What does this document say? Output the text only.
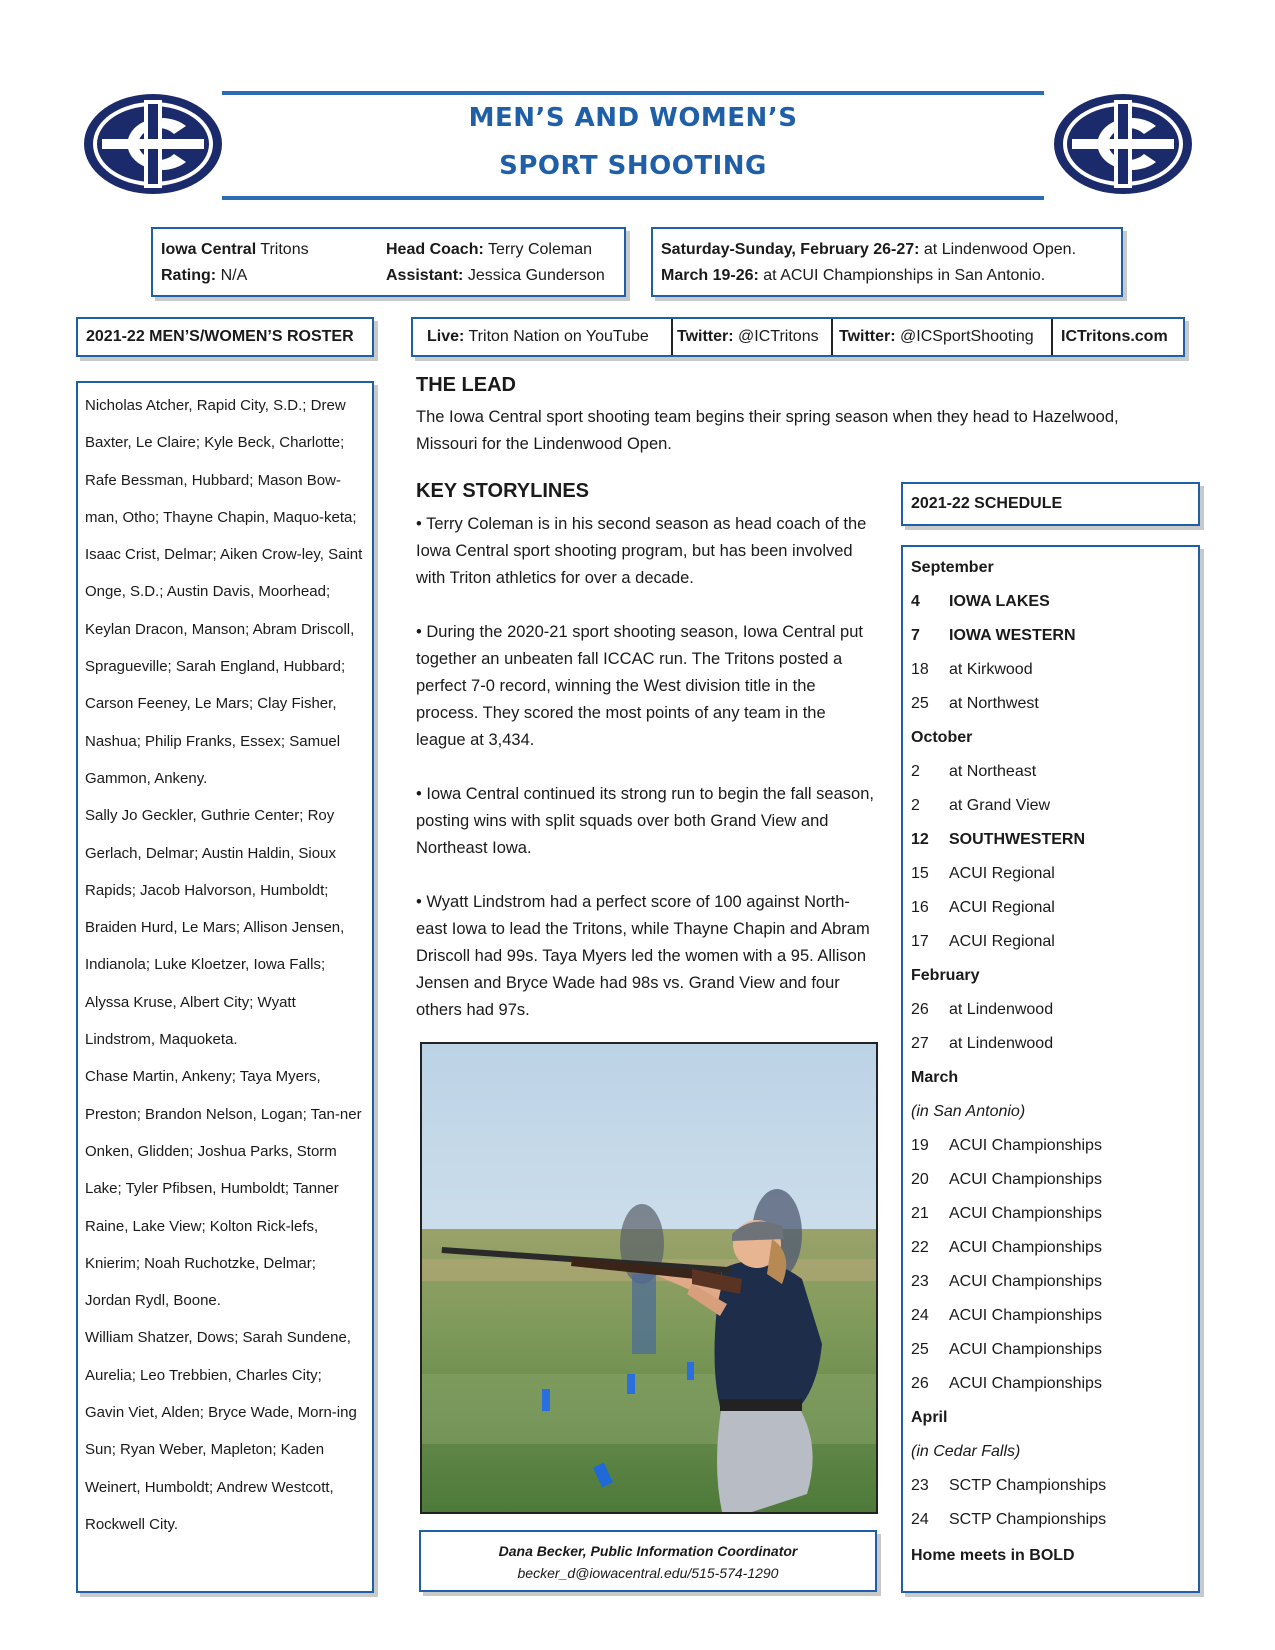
MEN’S AND WOMEN’S
SPORT SHOOTING
Iowa Central Tritons	Head Coach: Terry Coleman
Rating: N/A	Assistant: Jessica Gunderson
Saturday-Sunday, February 26-27: at Lindenwood Open.
March 19-26: at ACUI Championships in San Antonio.
2021-22 MEN’S/WOMEN’S ROSTER	Live: Triton Nation on YouTube	Twitter: @ICTritons	Twitter: @ICSportShooting	ICTritons.com
Nicholas Atcher, Rapid City, S.D.; Drew Baxter, Le Claire; Kyle Beck, Charlotte; Rafe Bessman, Hubbard; Mason Bow-man, Otho; Thayne Chapin, Maquo-keta; Isaac Crist, Delmar; Aiken Crow-ley, Saint Onge, S.D.; Austin Davis, Moorhead; Keylan Dracon, Manson; Abram Driscoll, Spragueville; Sarah England, Hubbard; Carson Feeney, Le Mars; Clay Fisher, Nashua; Philip Franks, Essex; Samuel Gammon, Ankeny.
Sally Jo Geckler, Guthrie Center; Roy Gerlach, Delmar; Austin Haldin, Sioux Rapids; Jacob Halvorson, Humboldt; Braiden Hurd, Le Mars; Allison Jensen, Indianola; Luke Kloetzer, Iowa Falls; Alyssa Kruse, Albert City; Wyatt Lindstrom, Maquoketa.
Chase Martin, Ankeny; Taya Myers, Preston; Brandon Nelson, Logan; Tan-ner Onken, Glidden; Joshua Parks, Storm Lake; Tyler Pfibsen, Humboldt; Tanner Raine, Lake View; Kolton Rick-lefs, Knierim; Noah Ruchotzke, Delmar; Jordan Rydl, Boone.
William Shatzer, Dows; Sarah Sundene, Aurelia; Leo Trebbien, Charles City; Gavin Viet, Alden; Bryce Wade, Morn-ing Sun; Ryan Weber, Mapleton; Kaden Weinert, Humboldt; Andrew Westcott, Rockwell City.
THE LEAD

The Iowa Central sport shooting team begins their spring season when they head to Hazelwood, Missouri for the Lindenwood Open.

KEY STORYLINES

• Terry Coleman is in his second season as head coach of the Iowa Central sport shooting program, but has been involved with Triton athletics for over a decade.

• During the 2020-21 sport shooting season, Iowa Central put together an unbeaten fall ICCAC run. The Tritons posted a perfect 7-0 record, winning the West division title in the process. They scored the most points of any team in the league at 3,434.

• Iowa Central continued its strong run to begin the fall season, posting wins with split squads over both Grand View and Northeast Iowa.

• Wyatt Lindstrom had a perfect score of 100 against North-east Iowa to lead the Tritons, while Thayne Chapin and Abram Driscoll had 99s. Taya Myers led the women with a 95. Allison Jensen and Bryce Wade had 98s vs. Grand View and four others had 97s.

Dana Becker, Public Information Coordinator
becker_d@iowacentral.edu/515-574-1290
2021-22 SCHEDULE
September
4 IOWA LAKES
7 IOWA WESTERN
18 at Kirkwood
25 at Northwest
October
2 at Northeast
2 at Grand View
12 SOUTHWESTERN
15 ACUI Regional
16 ACUI Regional
17 ACUI Regional
February
26 at Lindenwood
27 at Lindenwood
March
(in San Antonio)
19 ACUI Championships
20 ACUI Championships
21 ACUI Championships
22 ACUI Championships
23 ACUI Championships
24 ACUI Championships
25 ACUI Championships
26 ACUI Championships
April
(in Cedar Falls)
23 SCTP Championships
24 SCTP Championships
Home meets in BOLD
